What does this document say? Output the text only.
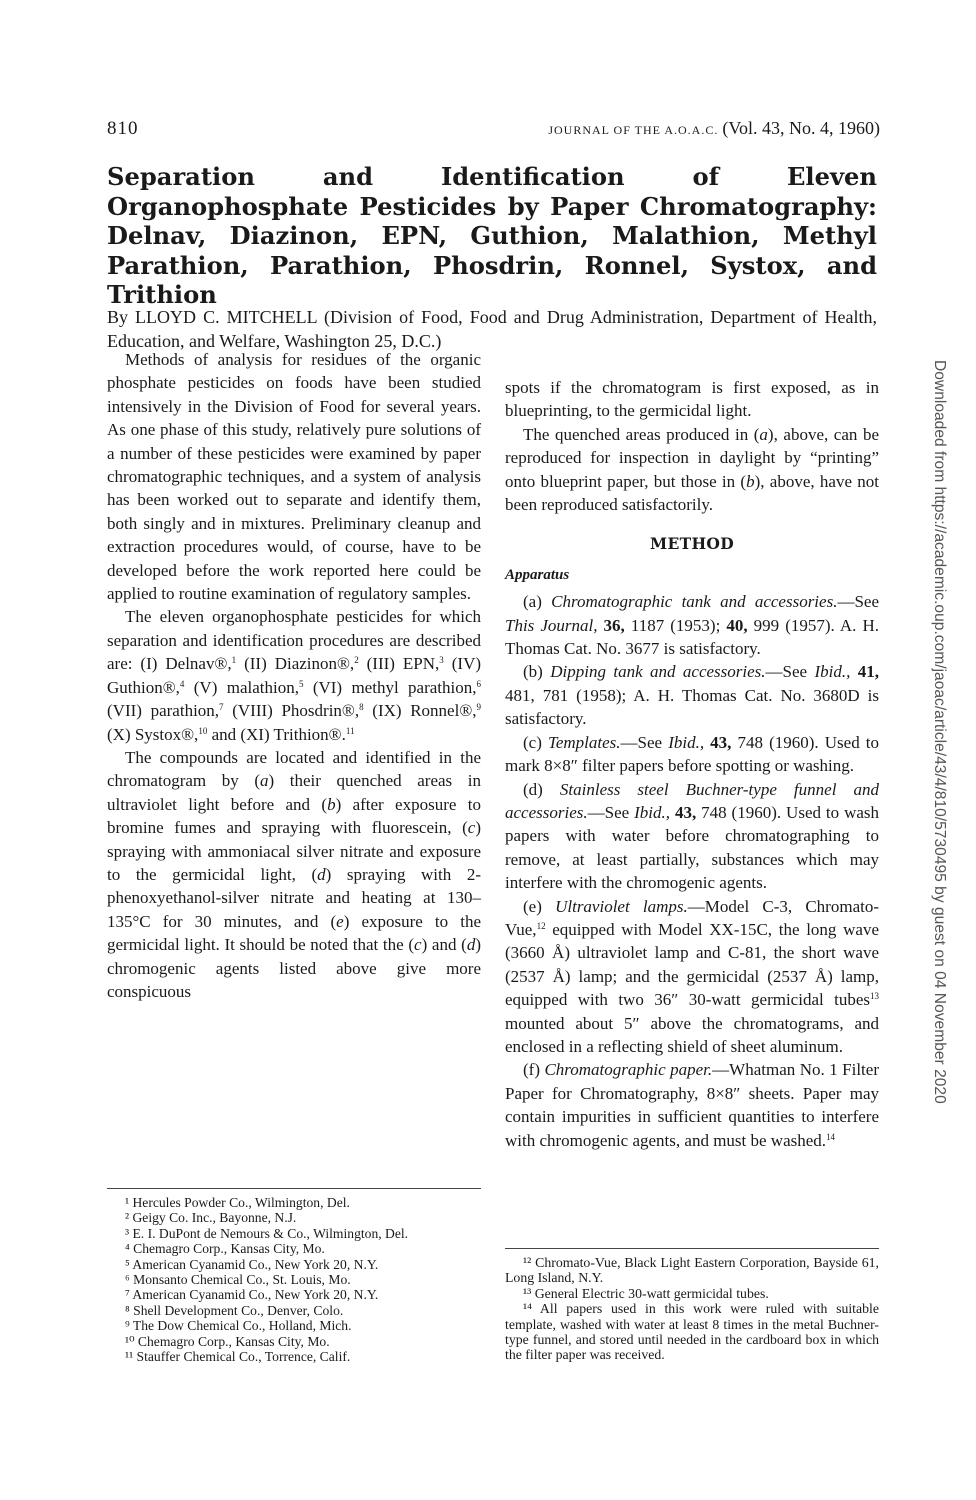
810	JOURNAL OF THE A.O.A.C. (Vol. 43, No. 4, 1960)
Separation and Identification of Eleven Organophosphate Pesticides by Paper Chromatography: Delnav, Diazinon, EPN, Guthion, Malathion, Methyl Parathion, Parathion, Phosdrin, Ronnel, Systox, and Trithion

By LLOYD C. MITCHELL (Division of Food, Food and Drug Administration, Department of Health, Education, and Welfare, Washington 25, D.C.)

Methods of analysis for residues of the organic phosphate pesticides on foods have been studied intensively in the Division of Food for several years. As one phase of this study, relatively pure solutions of a number of these pesticides were examined by paper chromatographic techniques, and a system of analysis has been worked out to separate and identify them, both singly and in mixtures. Preliminary cleanup and extraction procedures would, of course, have to be developed before the work reported here could be applied to routine examination of regulatory samples.

The eleven organophosphate pesticides for which separation and identification procedures are described are: (I) Delnav®,$^1$ (II) Diazinon®,$^2$ (III) EPN,$^3$ (IV) Guthion®,$^4$ (V) malathion,$^5$ (VI) methyl parathion,$^6$ (VII) parathion,$^7$ (VIII) Phosdrin®,$^8$ (IX) Ronnel®,$^9$ (X) Systox®,$^{10}$ and (XI) Trithion®.$^{11}$

The compounds are located and identified in the chromatogram by (a) their quenched areas in ultraviolet light before and (b) after exposure to bromine fumes and spraying with fluorescein, (c) spraying with ammoniacal silver nitrate and exposure to the germicidal light, (d) spraying with 2-phenoxyethanol-silver nitrate and heating at 130–135°C for 30 minutes, and (e) exposure to the germicidal light. It should be noted that the (c) and (d) chromogenic agents listed above give more conspicuous

¹ Hercules Powder Co., Wilmington, Del.
² Geigy Co. Inc., Bayonne, N.J.
³ E. I. DuPont de Nemours & Co., Wilmington, Del.
⁴ Chemagro Corp., Kansas City, Mo.
⁵ American Cyanamid Co., New York 20, N.Y.
⁶ Monsanto Chemical Co., St. Louis, Mo.
⁷ American Cyanamid Co., New York 20, N.Y.
⁸ Shell Development Co., Denver, Colo.
⁹ The Dow Chemical Co., Holland, Mich.
¹⁰ Chemagro Corp., Kansas City, Mo.
¹¹ Stauffer Chemical Co., Torrence, Calif.

spots if the chromatogram is first exposed, as in blueprinting, to the germicidal light.

The quenched areas produced in (a), above, can be reproduced for inspection in daylight by “printing” onto blueprint paper, but those in (b), above, have not been reproduced satisfactorily.

METHOD
Apparatus

(a) Chromatographic tank and accessories.—See This Journal, 36, 1187 (1953); 40, 999 (1957). A. H. Thomas Cat. No. 3677 is satisfactory.

(b) Dipping tank and accessories.—See Ibid., 41, 481, 781 (1958); A. H. Thomas Cat. No. 3680D is satisfactory.

(c) Templates.—See Ibid., 43, 748 (1960). Used to mark 8×8″ filter papers before spotting or washing.

(d) Stainless steel Buchner-type funnel and accessories.—See Ibid., 43, 748 (1960). Used to wash papers with water before chromatographing to remove, at least partially, substances which may interfere with the chromogenic agents.

(e) Ultraviolet lamps.—Model C-3, Chromato-Vue,$^{12}$ equipped with Model XX-15C, the long wave (3660 Å) ultraviolet lamp and C-81, the short wave (2537 Å) lamp; and the germicidal (2537 Å) lamp, equipped with two 36″ 30-watt germicidal tubes$^{13}$ mounted about 5″ above the chromatograms, and enclosed in a reflecting shield of sheet aluminum.

(f) Chromatographic paper.—Whatman No. 1 Filter Paper for Chromatography, 8×8″ sheets. Paper may contain impurities in sufficient quantities to interfere with chromogenic agents, and must be washed.$^{14}$

¹² Chromato-Vue, Black Light Eastern Corporation, Bayside 61, Long Island, N.Y.
¹³ General Electric 30-watt germicidal tubes.
¹⁴ All papers used in this work were ruled with suitable template, washed with water at least 8 times in the metal Buchner-type funnel, and stored until needed in the cardboard box in which the filter paper was received.
Downloaded from https://academic.oup.com/jaoac/article/43/4/810/5730495 by guest on 04 November 2020
